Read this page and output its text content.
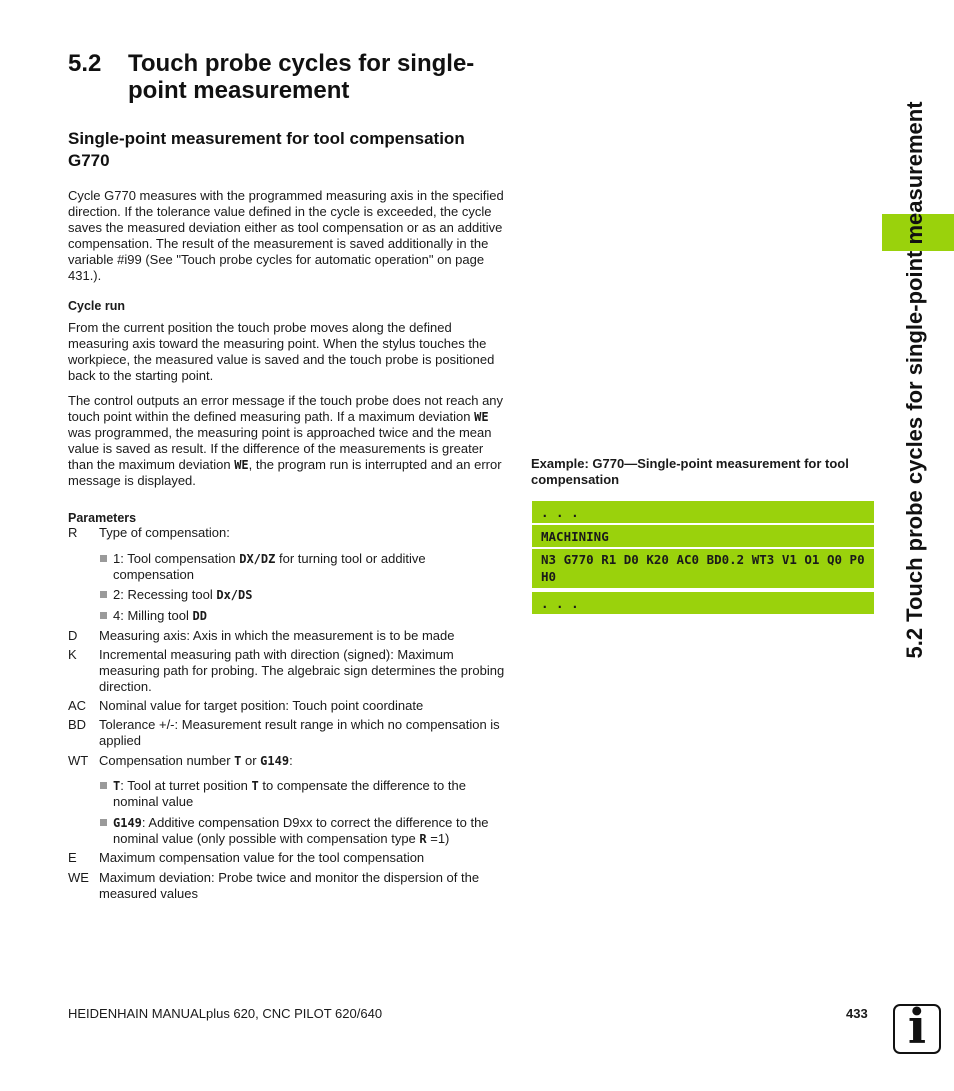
5.2 Touch probe cycles for single-
point measurement
Single-point measurement for tool compensation G770
Cycle G770 measures with the programmed measuring axis in the specified direction. If the tolerance value defined in the cycle is exceeded, the cycle saves the measured deviation either as tool compensation or as an additive compensation. The result of the measurement is saved additionally in the variable #i99 (See "Touch probe cycles for automatic operation" on page 431.).
Cycle run
From the current position the touch probe moves along the defined measuring axis toward the measuring point. When the stylus touches the workpiece, the measured value is saved and the touch probe is positioned back to the starting point.
The control outputs an error message if the touch probe does not reach any touch point within the defined measuring path. If a maximum deviation WE was programmed, the measuring point is approached twice and the mean value is saved as result. If the difference of the measurements is greater than the maximum deviation WE, the program run is interrupted and an error message is displayed.
Parameters
R Type of compensation:
1: Tool compensation DX/DZ for turning tool or additive compensation
2: Recessing tool Dx/DS
4: Milling tool DD
D Measuring axis: Axis in which the measurement is to be made
K Incremental measuring path with direction (signed): Maximum measuring path for probing. The algebraic sign determines the probing direction.
AC Nominal value for target position: Touch point coordinate
BD Tolerance +/-: Measurement result range in which no compensation is applied
WT Compensation number T or G149:
T: Tool at turret position T to compensate the difference to the nominal value
G149: Additive compensation D9xx to correct the difference to the nominal value (only possible with compensation type R =1)
E Maximum compensation value for the tool compensation
WE Maximum deviation: Probe twice and monitor the dispersion of the measured values
Example: G770—Single-point measurement for tool compensation
. . .
MACHINING
N3 G770 R1 D0 K20 AC0 BD0.2 WT3 V1 O1 Q0 P0 H0
. . .	5.2 Touch probe cycles for single-point measurement
HEIDENHAIN MANUALplus 620, CNC PILOT 620/640	433 i
